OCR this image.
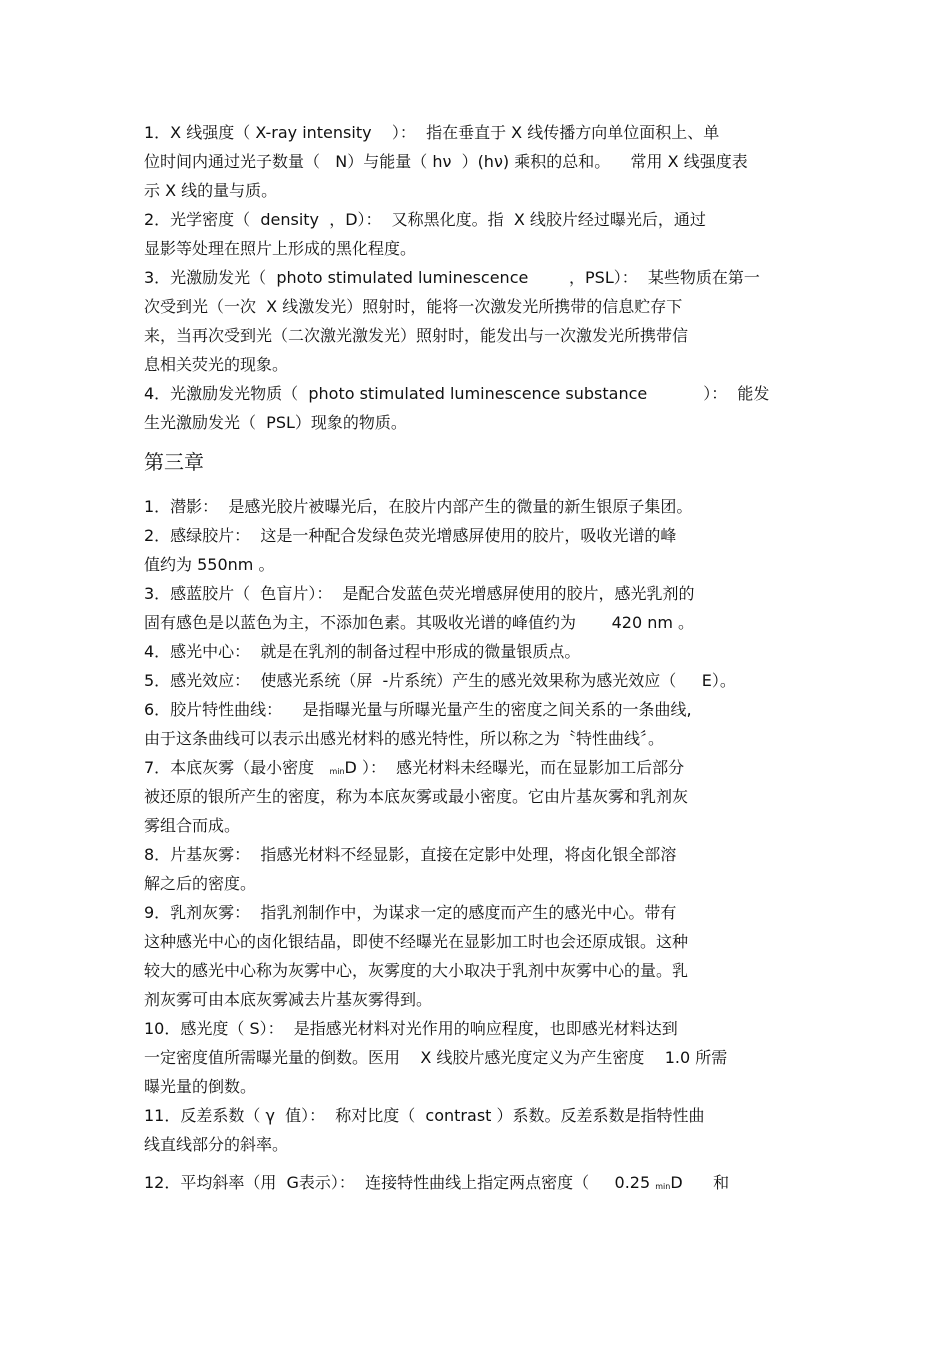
1．X 线强度（ X-ray intensity    ）：  指在垂直于 X 线传播方向单位面积上、单
位时间内通过光子数量（   N）与能量（ hν  ）(hν) 乘积的总和。    常用 X 线强度表
示 X 线的量与质。
2．光学密度（  density  ，D）：  又称黑化度。指  X 线胶片经过曝光后，通过
显影等处理在照片上形成的黑化程度。
3．光激励发光（  photo stimulated luminescence        ，PSL）：  某些物质在第一
次受到光（一次  X 线激发光）照射时，能将一次激发光所携带的信息贮存下
来，当再次受到光（二次激光激发光）照射时，能发出与一次激发光所携带信
息相关荧光的现象。
4．光激励发光物质（  photo stimulated luminescence substance           ）：  能发
生光激励发光（  PSL）现象的物质。
第三章
1．潜影：  是感光胶片被曝光后，在胶片内部产生的微量的新生银原子集团。
2．感绿胶片：  这是一种配合发绿色荧光增感屏使用的胶片，吸收光谱的峰
值约为 550nm 。
3．感蓝胶片（  色盲片）：  是配合发蓝色荧光增感屏使用的胶片，感光乳剂的
固有感色是以蓝色为主，不添加色素。其吸收光谱的峰值约为       420 nm 。
4．感光中心：  就是在乳剂的制备过程中形成的微量银质点。
5．感光效应：  使感光系统（屏  -片系统）产生的感光效果称为感光效应（     E）。
6．胶片特性曲线：    是指曝光量与所曝光量产生的密度之间关系的一条曲线,
由于这条曲线可以表示出感光材料的感光特性，所以称之为〝特性曲线〞。
7．本底灰雾（最小密度   $_{min}$D ）：  感光材料未经曝光，而在显影加工后部分
被还原的银所产生的密度，称为本底灰雾或最小密度。它由片基灰雾和乳剂灰
雾组合而成。
8．片基灰雾：  指感光材料不经显影，直接在定影中处理，将卤化银全部溶
解之后的密度。
9．乳剂灰雾：  指乳剂制作中，为谋求一定的感度而产生的感光中心。带有
这种感光中心的卤化银结晶，即使不经曝光在显影加工时也会还原成银。这种
较大的感光中心称为灰雾中心，灰雾度的大小取决于乳剂中灰雾中心的量。乳
剂灰雾可由本底灰雾减去片基灰雾得到。
10．感光度（ S）：  是指感光材料对光作用的响应程度，也即感光材料达到
一定密度值所需曝光量的倒数。医用    X 线胶片感光度定义为产生密度    1.0 所需
曝光量的倒数。
11．反差系数（ γ  值）：  称对比度（  contrast ）系数。反差系数是指特性曲
线直线部分的斜率。
12．平均斜率（用  G表示）：  连接特性曲线上指定两点密度（     0.25 $_{min}$D      和
